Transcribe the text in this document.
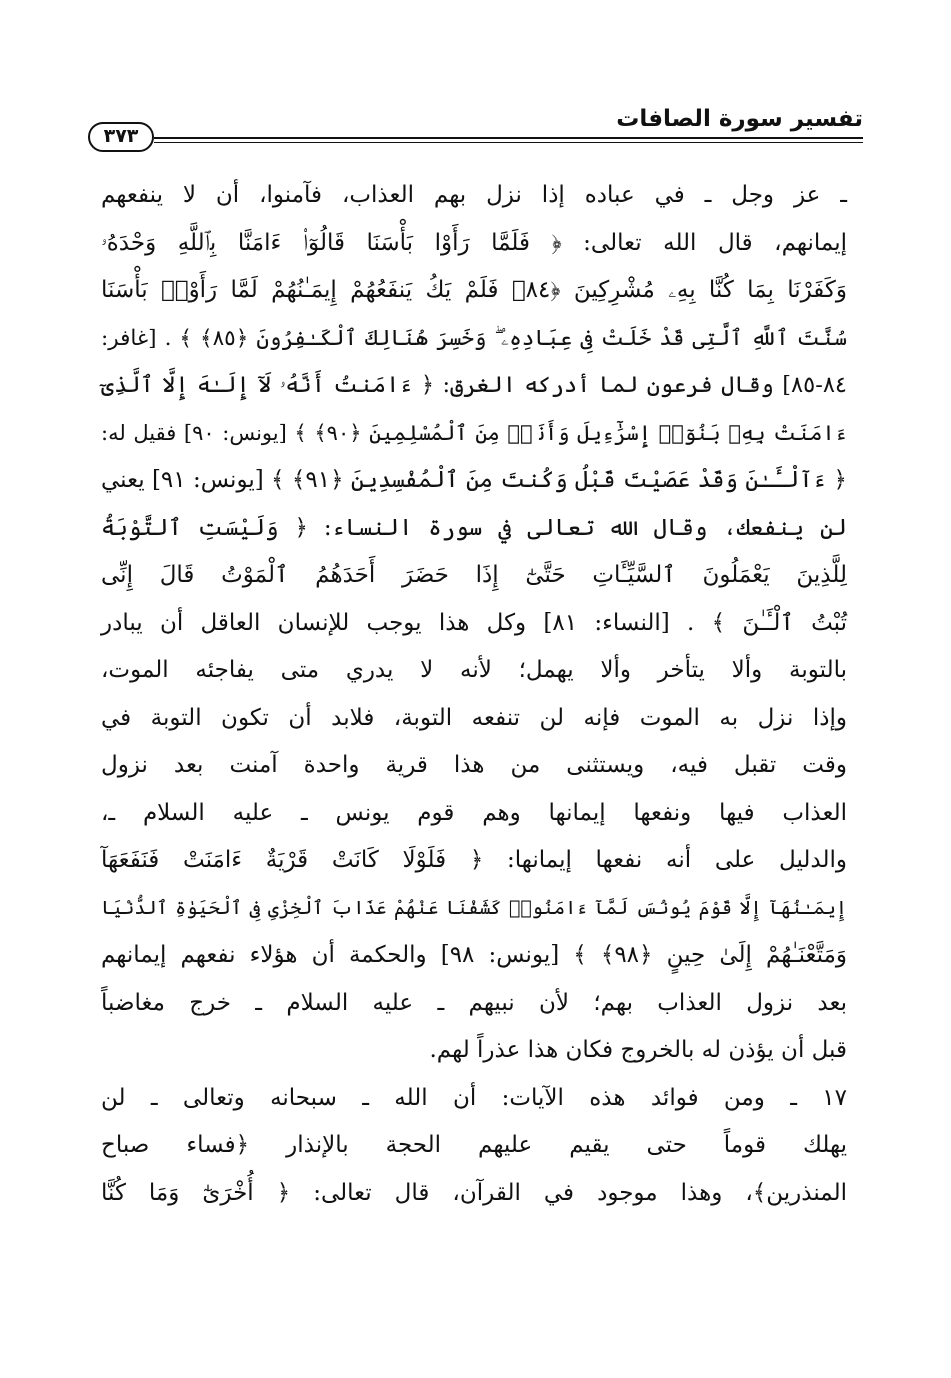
تفسير سورة الصافات
٣٧٣
ـ عز وجل ـ في عباده إذا نزل بهم العذاب، فآمنوا، أن لا ينفعهم
إيمانهم، قال الله تعالى: ﴿ فَلَمَّا رَأَوْا بَأْسَنَا قَالُوٓا۟ ءَامَنَّا بِٱللَّهِ وَحْدَهُۥ
وَكَفَرْنَا بِمَا كُنَّا بِهِۦ مُشْرِكِينَ ﴿٨٤﴾ فَلَمْ يَكُ يَنفَعُهُمْ إِيمَـٰنُهُمْ لَمَّا رَأَوْا۟ بَأْسَنَا
سُنَّتَ ٱللَّهِ ٱلَّتِى قَدْ خَلَتْ فِى عِبَادِهِۦ ۖ وَخَسِرَ هُنَالِكَ ٱلْكَـٰفِرُونَ ﴿٨٥﴾ ﴾ . [غافر:
٨٤-٨٥] وقال فرعون لما أدركه الغرق: ﴿ ءَامَنتُ أَنَّهُۥ لَآ إِلَـٰهَ إِلَّا ٱلَّذِىٓ
ءَامَنَتْ بِهِۦ بَنُوٓا۟ إِسْرَٰٓءِيلَ وَأَنَا۠ مِنَ ٱلْمُسْلِمِينَ ﴿٩٠﴾ ﴾ [يونس: ٩٠] فقيل له:
﴿ ءَآلْـَٔـٰنَ وَقَدْ عَصَيْتَ قَبْلُ وَكُنتَ مِنَ ٱلْمُفْسِدِينَ ﴿٩١﴾ ﴾ [يونس: ٩١] يعني
لن ينفعك، وقال الله تعالى في سورة النساء: ﴿ وَلَيْسَتِ ٱلتَّوْبَةُ
لِلَّذِينَ يَعْمَلُونَ ٱلسَّيِّـَٔاتِ حَتَّىٰٓ إِذَا حَضَرَ أَحَدَهُمُ ٱلْمَوْتُ قَالَ إِنِّى
تُبْتُ ٱلْـَٔـٰنَ ﴾ . [النساء: ٨١] وكل هذا يوجب للإنسان العاقل أن يبادر
بالتوبة وألا يتأخر وألا يهمل؛ لأنه لا يدري متى يفاجئه الموت،
وإذا نزل به الموت فإنه لن تنفعه التوبة، فلابد أن تكون التوبة في
وقت تقبل فيه، ويستثنى من هذا قرية واحدة آمنت بعد نزول
العذاب فيها ونفعها إيمانها وهم قوم يونس ـ عليه السلام ـ،
والدليل على أنه نفعها إيمانها: ﴿ فَلَوْلَا كَانَتْ قَرْيَةٌ ءَامَنَتْ فَنَفَعَهَآ
إِيمَـٰنُهَآ إِلَّا قَوْمَ يُونُسَ لَمَّآ ءَامَنُوا۟ كَشَفْنَا عَنْهُمْ عَذَابَ ٱلْخِزْىِ فِى ٱلْحَيَوٰةِ ٱلدُّنْيَا
وَمَتَّعْنَـٰهُمْ إِلَىٰ حِينٍ ﴿٩٨﴾ ﴾ [يونس: ٩٨] والحكمة أن هؤلاء نفعهم إيمانهم
بعد نزول العذاب بهم؛ لأن نبيهم ـ عليه السلام ـ خرج مغاضباً
قبل أن يؤذن له بالخروج فكان هذا عذراً لهم.
١٧ ـ ومن فوائد هذه الآيات: أن الله ـ سبحانه وتعالى ـ لن
يهلك قوماً حتى يقيم عليهم الحجة بالإنذار ﴿فساء صباح
المنذرين﴾، وهذا موجود في القرآن، قال تعالى: ﴿ أُخْرَىٰٓ وَمَا كُنَّا
